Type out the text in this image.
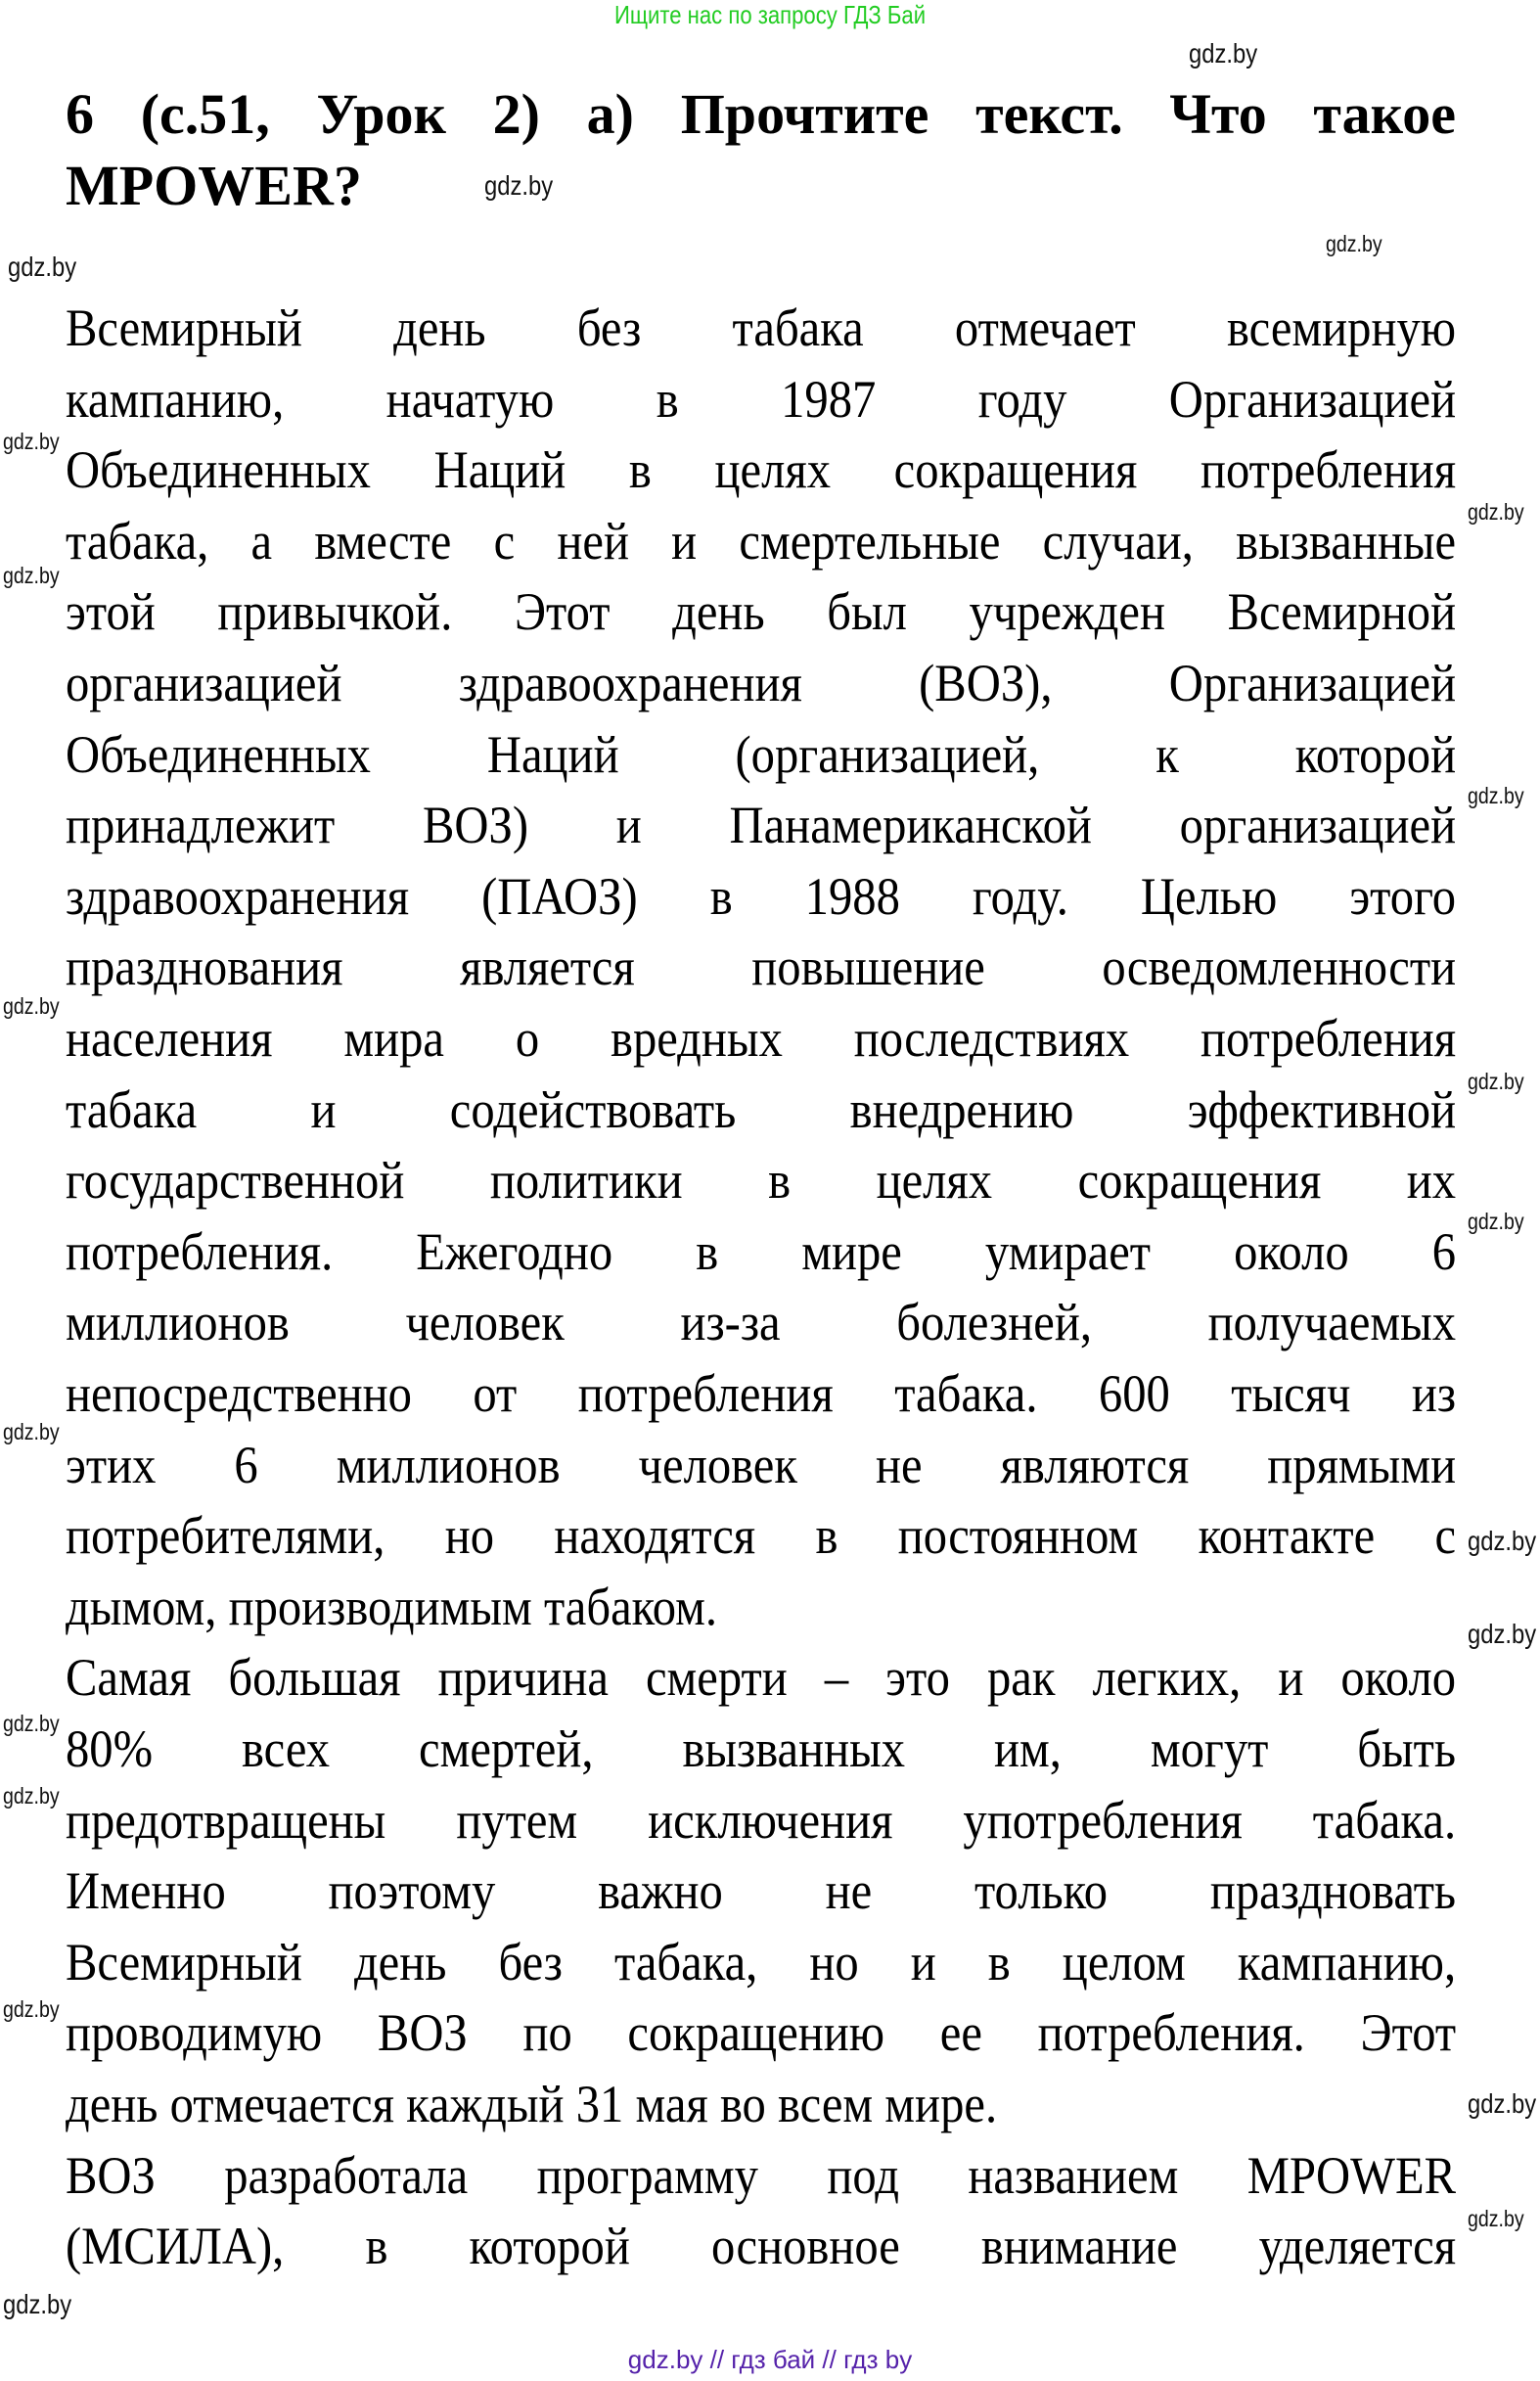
Ищите нас по запросу ГДЗ Бай
6 (с.51, Урок 2) а) Прочтите текст. Что такое
MPOWER?
Всемирный день без табака отмечает всемирную
кампанию, начатую в 1987 году Организацией
Объединенных Наций в целях сокращения потребления
табака, а вместе с ней и смертельные случаи, вызванные
этой привычкой. Этот день был учрежден Всемирной
организацией здравоохранения (ВОЗ), Организацией
Объединенных Наций (организацией, к которой
принадлежит ВОЗ) и Панамериканской организацией
здравоохранения (ПАОЗ) в 1988 году. Целью этого
празднования является повышение осведомленности
населения мира о вредных последствиях потребления
табака и содействовать внедрению эффективной
государственной политики в целях сокращения их
потребления. Ежегодно в мире умирает около 6
миллионов человек из-за болезней, получаемых
непосредственно от потребления табака. 600 тысяч из
этих 6 миллионов человек не являются прямыми
потребителями, но находятся в постоянном контакте с
дымом, производимым табаком.
Самая большая причина смерти – это рак легких, и около
80% всех смертей, вызванных им, могут быть
предотвращены путем исключения употребления табака.
Именно поэтому важно не только праздновать
Всемирный день без табака, но и в целом кампанию,
проводимую ВОЗ по сокращению ее потребления. Этот
день отмечается каждый 31 мая во всем мире.
ВОЗ разработала программу под названием MPOWER
(МСИЛА), в которой основное внимание уделяется
gdz.by
gdz.by
gdz.by
gdz.by
gdz.by
gdz.by
gdz.by
gdz.by
gdz.by
gdz.by
gdz.by
gdz.by
gdz.by
gdz.by
gdz.by
gdz.by
gdz.by
gdz.by
gdz.by
gdz.by
gdz.by // гдз бай // гдз by
